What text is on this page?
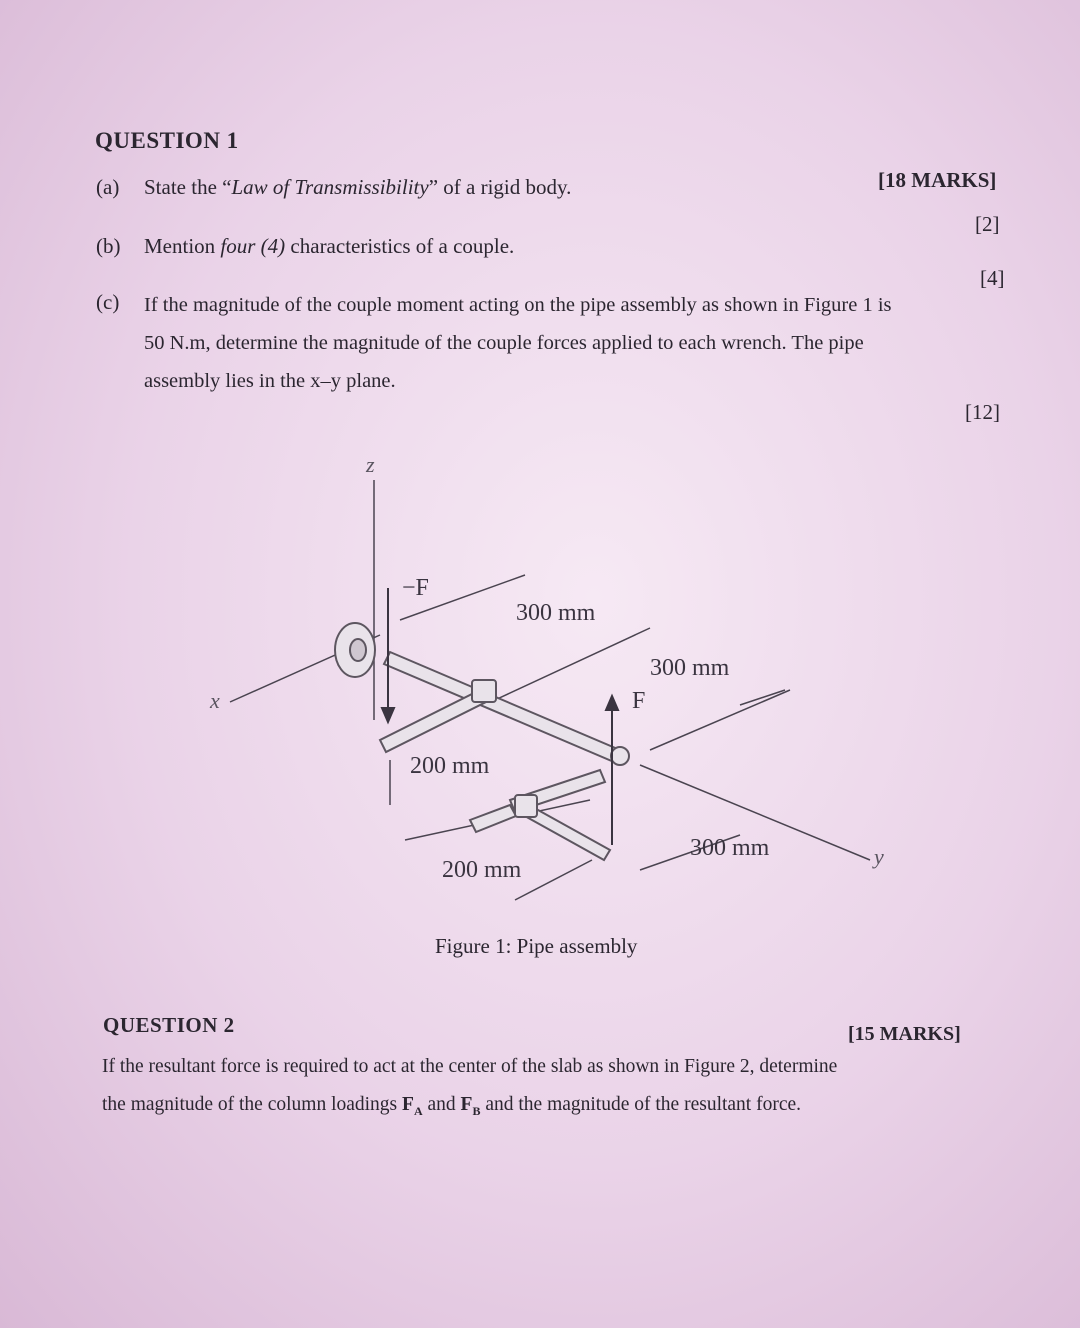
QUESTION 1
[18 MARKS]
(a) State the “Law of Transmissibility” of a rigid body.
[2]
(b) Mention four (4) characteristics of a couple.
[4]
(c) If the magnitude of the couple moment acting on the pipe assembly as shown in Figure 1 is
50 N.m, determine the magnitude of the couple forces applied to each wrench. The pipe
assembly lies in the x–y plane.
[12]
z
x
y
−F
F
300 mm
300 mm
200 mm
200 mm
300 mm
Figure 1: Pipe assembly
QUESTION 2	[15 MARKS]
If the resultant force is required to act at the center of the slab as shown in Figure 2, determine
the magnitude of the column loadings $F_A$ and $F_B$ and the magnitude of the resultant force.
